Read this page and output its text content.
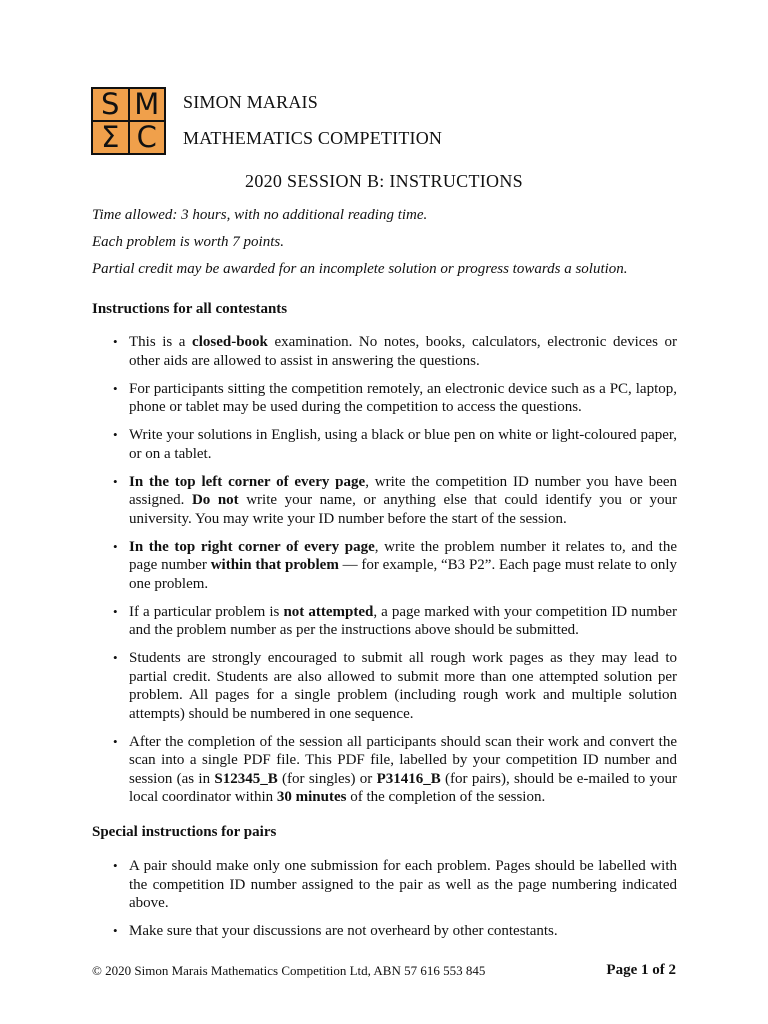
S M
Σ C
SIMON MARAIS
MATHEMATICS COMPETITION
2020 SESSION B: INSTRUCTIONS
Time allowed: 3 hours, with no additional reading time.
Each problem is worth 7 points.
Partial credit may be awarded for an incomplete solution or progress towards a solution.
Instructions for all contestants
• This is a closed-book examination. No notes, books, calculators, electronic devices or other aids are allowed to assist in answering the questions.
• For participants sitting the competition remotely, an electronic device such as a PC, laptop, phone or tablet may be used during the competition to access the questions.
• Write your solutions in English, using a black or blue pen on white or light-coloured paper, or on a tablet.
• In the top left corner of every page, write the competition ID number you have been assigned. Do not write your name, or anything else that could identify you or your university. You may write your ID number before the start of the session.
• In the top right corner of every page, write the problem number it relates to, and the page number within that problem — for example, “B3 P2”. Each page must relate to only one problem.
• If a particular problem is not attempted, a page marked with your competition ID number and the problem number as per the instructions above should be submitted.
• Students are strongly encouraged to submit all rough work pages as they may lead to partial credit. Students are also allowed to submit more than one attempted solution per problem. All pages for a single problem (including rough work and multiple solution attempts) should be numbered in one sequence.
• After the completion of the session all participants should scan their work and convert the scan into a single PDF file. This PDF file, labelled by your competition ID number and session (as in S12345_B (for singles) or P31416_B (for pairs), should be e-mailed to your local coordinator within 30 minutes of the completion of the session.
Special instructions for pairs
• A pair should make only one submission for each problem. Pages should be labelled with the competition ID number assigned to the pair as well as the page numbering indicated above.
• Make sure that your discussions are not overheard by other contestants.
© 2020 Simon Marais Mathematics Competition Ltd, ABN 57 616 553 845	Page 1 of 2
